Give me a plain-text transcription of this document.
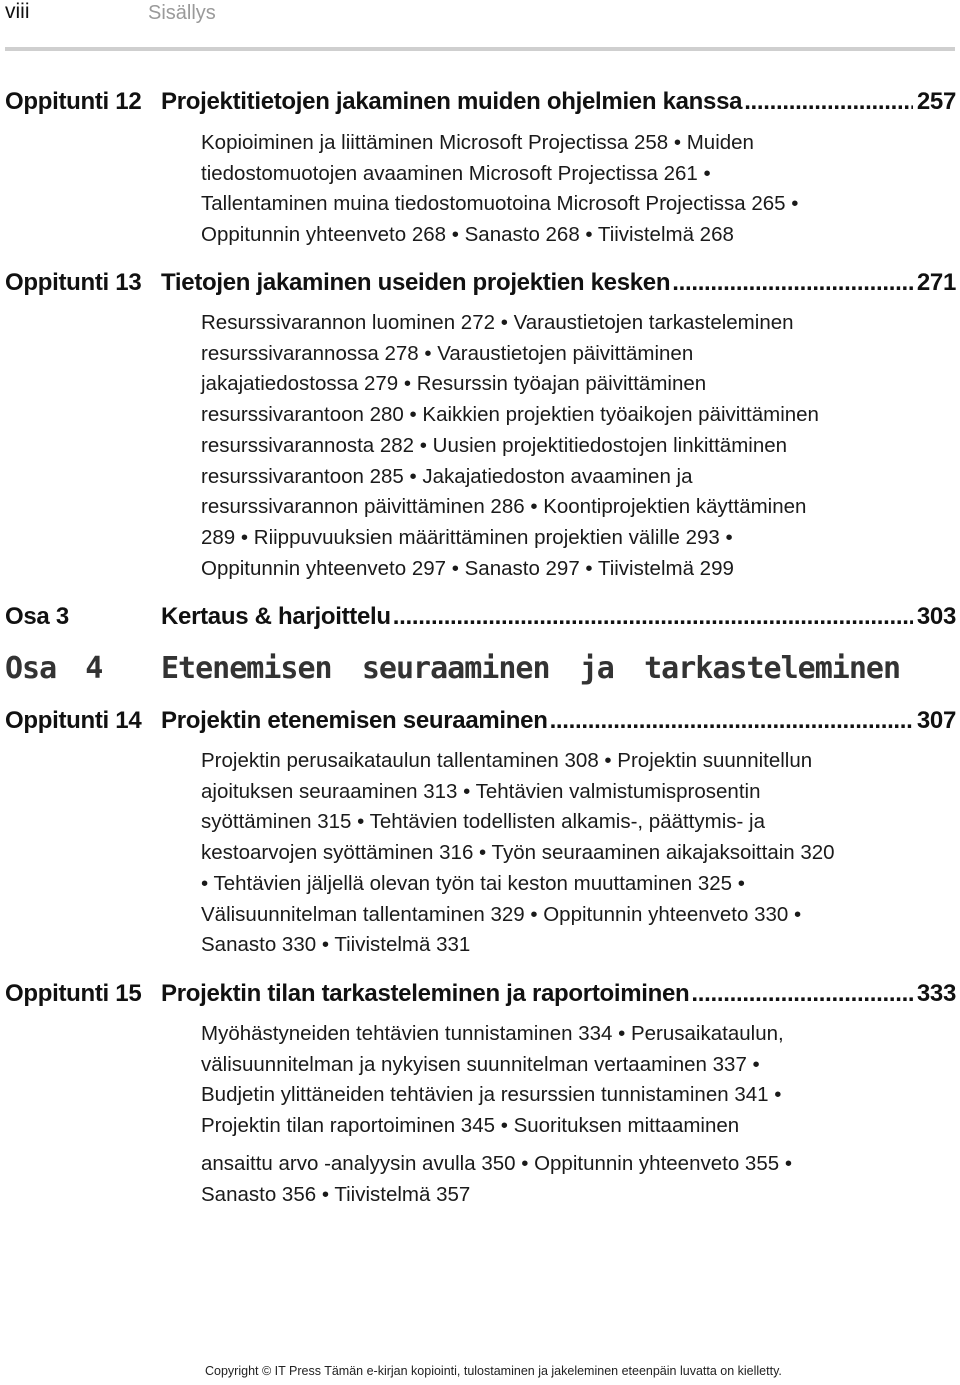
viii	Sisällys
Oppitunti 12 Projektitietojen jakaminen muiden ohjelmien kanssa .....	257

Kopioiminen ja liittäminen Microsoft Projectissa 258 • Muiden

tiedostomuotojen avaaminen Microsoft Projectissa 261 •

Tallentaminen muina tiedostomuotoina Microsoft Projectissa 265 •

Oppitunnin yhteenveto 268 • Sanasto 268 • Tiivistelmä 268

Oppitunti 13 Tietojen jakaminen useiden projektien kesken .....	271

Resurssivarannon luominen 272 • Varaustietojen tarkasteleminen

resurssivarannossa 278 • Varaustietojen päivittäminen

jakajatiedostossa 279 • Resurssin työajan päivittäminen

resurssivarantoon 280 • Kaikkien projektien työaikojen päivittäminen

resurssivarannosta 282 • Uusien projektitiedostojen linkittäminen

resurssivarantoon 285 • Jakajatiedoston avaaminen ja

resurssivarannon päivittäminen 286 • Koontiprojektien käyttäminen

289 • Riippuvuuksien määrittäminen projektien välille 293 •

Oppitunnin yhteenveto 297 • Sanasto 297 • Tiivistelmä 299

Osa 3	Kertaus & harjoittelu .....	303
Osa 4	Etenemisen seuraaminen ja tarkasteleminen
Oppitunti 14 Projektin etenemisen seuraaminen .....	307

Projektin perusaikataulun tallentaminen 308 • Projektin suunnitellun

ajoituksen seuraaminen 313 • Tehtävien valmistumisprosentin

syöttäminen 315 • Tehtävien todellisten alkamis-, päättymis- ja

kestoarvojen syöttäminen 316 • Työn seuraaminen aikajaksoittain 320

• Tehtävien jäljellä olevan työn tai keston muuttaminen 325 •

Välisuunnitelman tallentaminen 329 • Oppitunnin yhteenveto 330 •

Sanasto 330 • Tiivistelmä 331

Oppitunti 15 Projektin tilan tarkasteleminen ja raportoiminen .....	333

Myöhästyneiden tehtävien tunnistaminen 334 • Perusaikataulun,

välisuunnitelman ja nykyisen suunnitelman vertaaminen 337 •

Budjetin ylittäneiden tehtävien ja resurssien tunnistaminen 341 •

Projektin tilan raportoiminen 345 • Suorituksen mittaaminen

ansaittu arvo -analyysin avulla 350 • Oppitunnin yhteenveto 355 •

Sanasto 356 • Tiivistelmä 357

Copyright © IT Press Tämän e-kirjan kopiointi, tulostaminen ja jakeleminen eteenpäin luvatta on kielletty.
